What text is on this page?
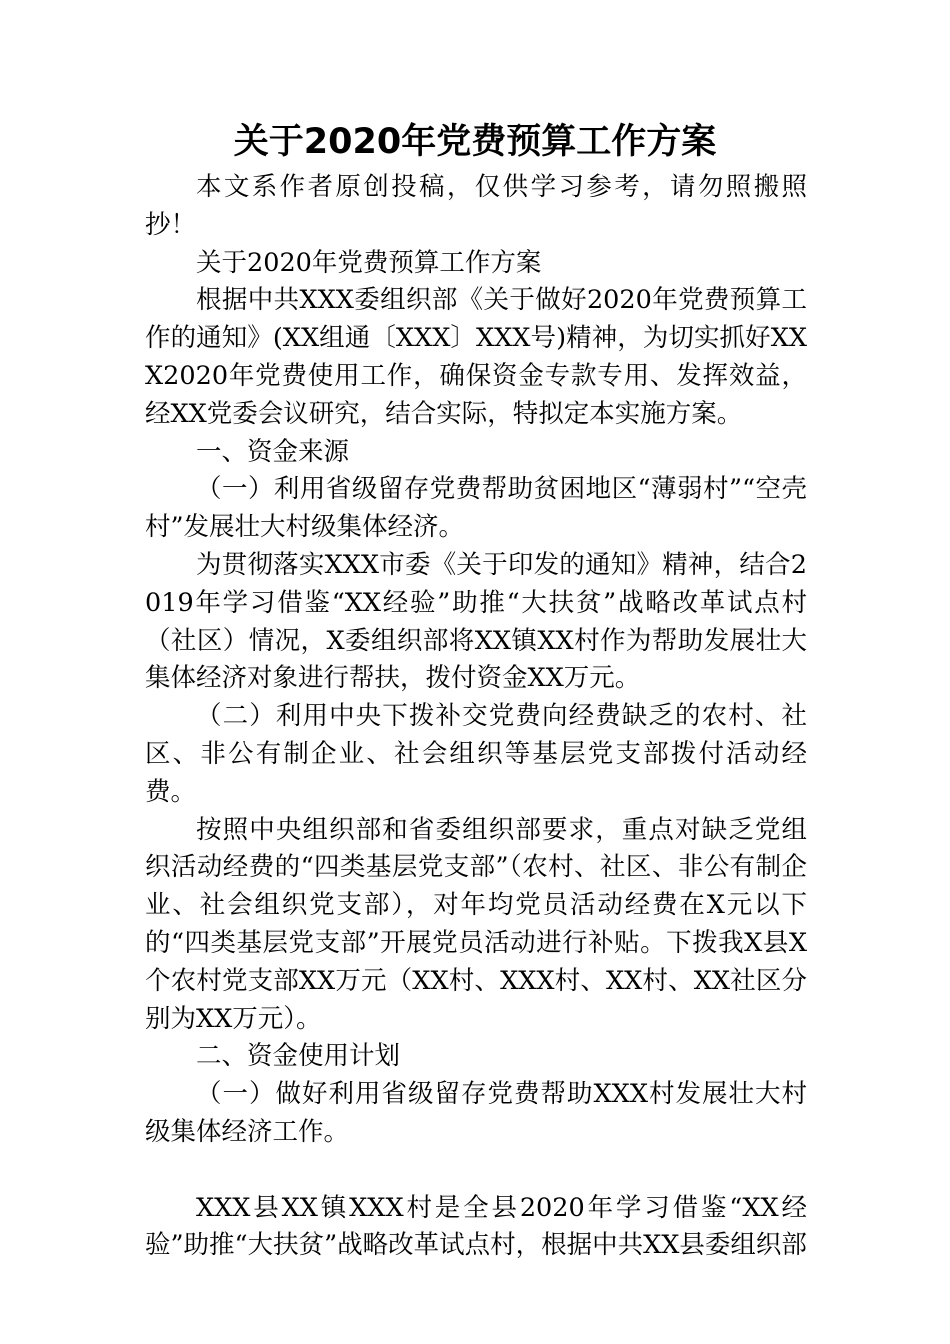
关于2020年党费预算工作方案

本文系作者原创投稿，仅供学习参考，请勿照搬照抄！

关于2020年党费预算工作方案

根据中共XXX委组织部《关于做好2020年党费预算工作的通知》(XX组通〔XXX〕XXX号)精神，为切实抓好XXX2020年党费使用工作，确保资金专款专用、发挥效益，经XX党委会议研究，结合实际，特拟定本实施方案。

一、资金来源

（一）利用省级留存党费帮助贫困地区“薄弱村”“空壳村”发展壮大村级集体经济。

为贯彻落实XXX市委《关于印发的通知》精神，结合2019年学习借鉴“XX经验”助推“大扶贫”战略改革试点村（社区）情况，X委组织部将XX镇XX村作为帮助发展壮大集体经济对象进行帮扶，拨付资金XX万元。

（二）利用中央下拨补交党费向经费缺乏的农村、社区、非公有制企业、社会组织等基层党支部拨付活动经费。

按照中央组织部和省委组织部要求，重点对缺乏党组织活动经费的“四类基层党支部”（农村、社区、非公有制企业、社会组织党支部），对年均党员活动经费在X元以下的“四类基层党支部”开展党员活动进行补贴。下拨我X县X个农村党支部XX万元（XX村、XXX村、XX村、XX社区分别为XX万元）。

二、资金使用计划

（一）做好利用省级留存党费帮助XXX村发展壮大村级集体经济工作。

XXX县XX镇XXX村是全县2020年学习借鉴“XX经验”助推“大扶贫”战略改革试点村，根据中共XX县委组织部
